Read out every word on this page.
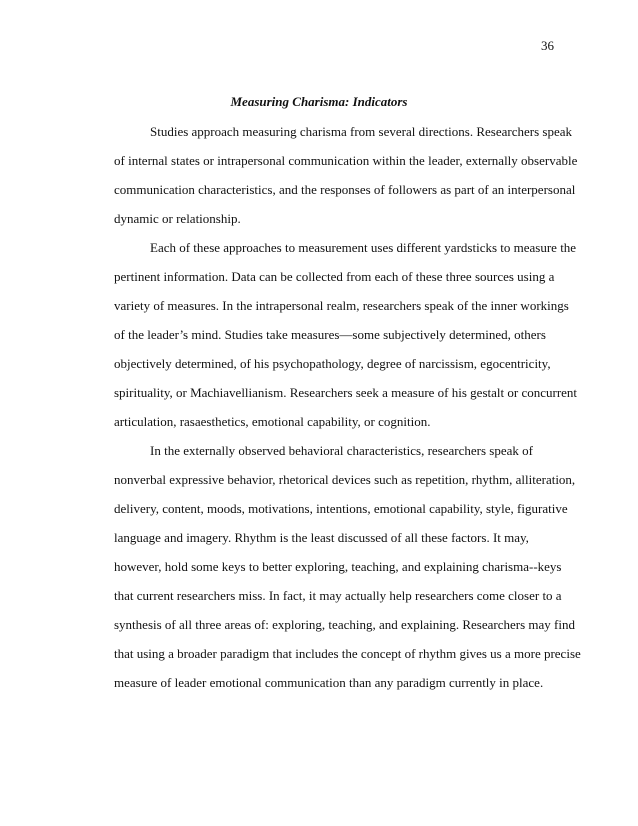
36
Measuring Charisma: Indicators

Studies approach measuring charisma from several directions. Researchers speak
of internal states or intrapersonal communication within the leader, externally observable
communication characteristics, and the responses of followers as part of an interpersonal
dynamic or relationship.

Each of these approaches to measurement uses different yardsticks to measure the
pertinent information. Data can be collected from each of these three sources using a
variety of measures. In the intrapersonal realm, researchers speak of the inner workings
of the leader’s mind. Studies take measures—some subjectively determined, others
objectively determined, of his psychopathology, degree of narcissism, egocentricity,
spirituality, or Machiavellianism. Researchers seek a measure of his gestalt or concurrent
articulation, rasaesthetics, emotional capability, or cognition.

In the externally observed behavioral characteristics, researchers speak of
nonverbal expressive behavior, rhetorical devices such as repetition, rhythm, alliteration,
delivery, content, moods, motivations, intentions, emotional capability, style, figurative
language and imagery. Rhythm is the least discussed of all these factors. It may,
however, hold some keys to better exploring, teaching, and explaining charisma--keys
that current researchers miss. In fact, it may actually help researchers come closer to a
synthesis of all three areas of: exploring, teaching, and explaining. Researchers may find
that using a broader paradigm that includes the concept of rhythm gives us a more precise
measure of leader emotional communication than any paradigm currently in place.
